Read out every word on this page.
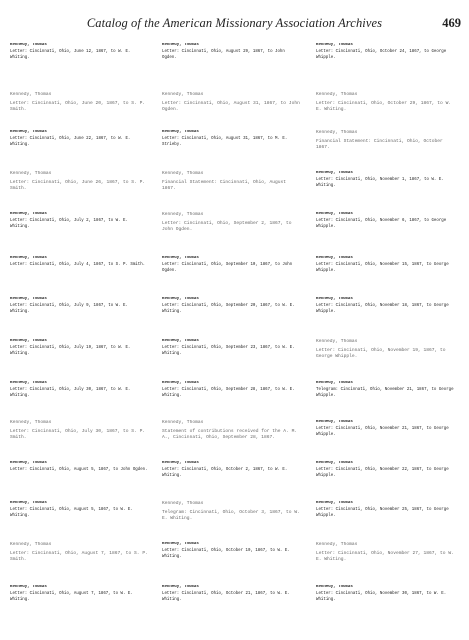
Catalog of the American Missionary Association Archives	469
Kennedy, Thomas
Letter: Cincinnati, Ohio, June 12, 1867, to W. E. Whiting.
Kennedy, Thomas
Letter: Cincinnati, Ohio, June 20, 1867, to S. P. Smith.
Kennedy, Thomas
Letter: Cincinnati, Ohio, June 22, 1867, to W. E. Whiting.
Kennedy, Thomas
Letter: Cincinnati, Ohio, June 26, 1867, to S. P. Smith.
Kennedy, Thomas
Letter: Cincinnati, Ohio, July 2, 1867, to W. E. Whiting.
Kennedy, Thomas
Letter: Cincinnati, Ohio, July 4, 1867, to S. P. Smith.
Kennedy, Thomas
Letter: Cincinnati, Ohio, July 9, 1867, to W. E. Whiting.
Kennedy, Thomas
Letter: Cincinnati, Ohio, July 19, 1867, to W. E. Whiting.
Kennedy, Thomas
Letter: Cincinnati, Ohio, July 30, 1867, to W. E. Whiting.
Kennedy, Thomas
Letter: Cincinnati, Ohio, July 30, 1867, to S. P. Smith.
Kennedy, Thomas
Letter: Cincinnati, Ohio, August 5, 1867, to John Ogden.
Kennedy, Thomas
Letter: Cincinnati, Ohio, August 5, 1867, to W. E. Whiting.
Kennedy, Thomas
Letter: Cincinnati, Ohio, August 7, 1867, to S. P. Smith.
Kennedy, Thomas
Letter: Cincinnati, Ohio, August 7, 1867, to W. E. Whiting.
Kennedy, Thomas
Letter: Cincinnati, Ohio, August 29, 1867, to John Ogden.
Kennedy, Thomas
Letter: Cincinnati, Ohio, August 31, 1867, to John Ogden.
Kennedy, Thomas
Letter: Cincinnati, Ohio, August 31, 1867, to M. E. Strieby.
Kennedy, Thomas
Financial Statement: Cincinnati, Ohio, August 1867.
Kennedy, Thomas
Letter: Cincinnati, Ohio, September 2, 1867, to John Ogden.
Kennedy, Thomas
Letter: Cincinnati, Ohio, September 10, 1867, to John Ogden.
Kennedy, Thomas
Letter: Cincinnati, Ohio, September 20, 1867, to W. E. Whiting.
Kennedy, Thomas
Letter: Cincinnati, Ohio, September 23, 1867, to W. E. Whiting.
Kennedy, Thomas
Letter: Cincinnati, Ohio, September 28, 1867, to W. E. Whiting.
Kennedy, Thomas
Statement of contributions received for the A. M. A., Cincinnati, Ohio, September 28, 1867.
Kennedy, Thomas
Letter: Cincinnati, Ohio, October 2, 1867, to W. E. Whiting.
Kennedy, Thomas
Telegram: Cincinnati, Ohio, October 3, 1867, to W. E. Whiting.
Kennedy, Thomas
Letter: Cincinnati, Ohio, October 10, 1867, to W. E. Whiting.
Kennedy, Thomas
Letter: Cincinnati, Ohio, October 21, 1867, to W. E. Whiting.
Kennedy, Thomas
Letter: Cincinnati, Ohio, October 24, 1867, to George Whipple.
Kennedy, Thomas
Letter: Cincinnati, Ohio, October 29, 1867, to W. E. Whiting.
Kennedy, Thomas
Financial Statement: Cincinnati, Ohio, October 1867.
Kennedy, Thomas
Letter: Cincinnati, Ohio, November 1, 1867, to W. E. Whiting.
Kennedy, Thomas
Letter: Cincinnati, Ohio, November 6, 1867, to George Whipple.
Kennedy, Thomas
Letter: Cincinnati, Ohio, November 15, 1867, to George Whipple.
Kennedy, Thomas
Letter: Cincinnati, Ohio, November 18, 1867, to George Whipple.
Kennedy, Thomas
Letter: Cincinnati, Ohio, November 19, 1867, to George Whipple.
Kennedy, Thomas
Telegram: Cincinnati, Ohio, November 21, 1867, to George Whipple.
Kennedy, Thomas
Letter: Cincinnati, Ohio, November 21, 1867, to George Whipple.
Kennedy, Thomas
Letter: Cincinnati, Ohio, November 22, 1867, to George Whipple.
Kennedy, Thomas
Letter: Cincinnati, Ohio, November 25, 1867, to George Whipple.
Kennedy, Thomas
Letter: Cincinnati, Ohio, November 27, 1867, to W. E. Whiting.
Kennedy, Thomas
Letter: Cincinnati, Ohio, November 30, 1867, to W. E. Whiting.
